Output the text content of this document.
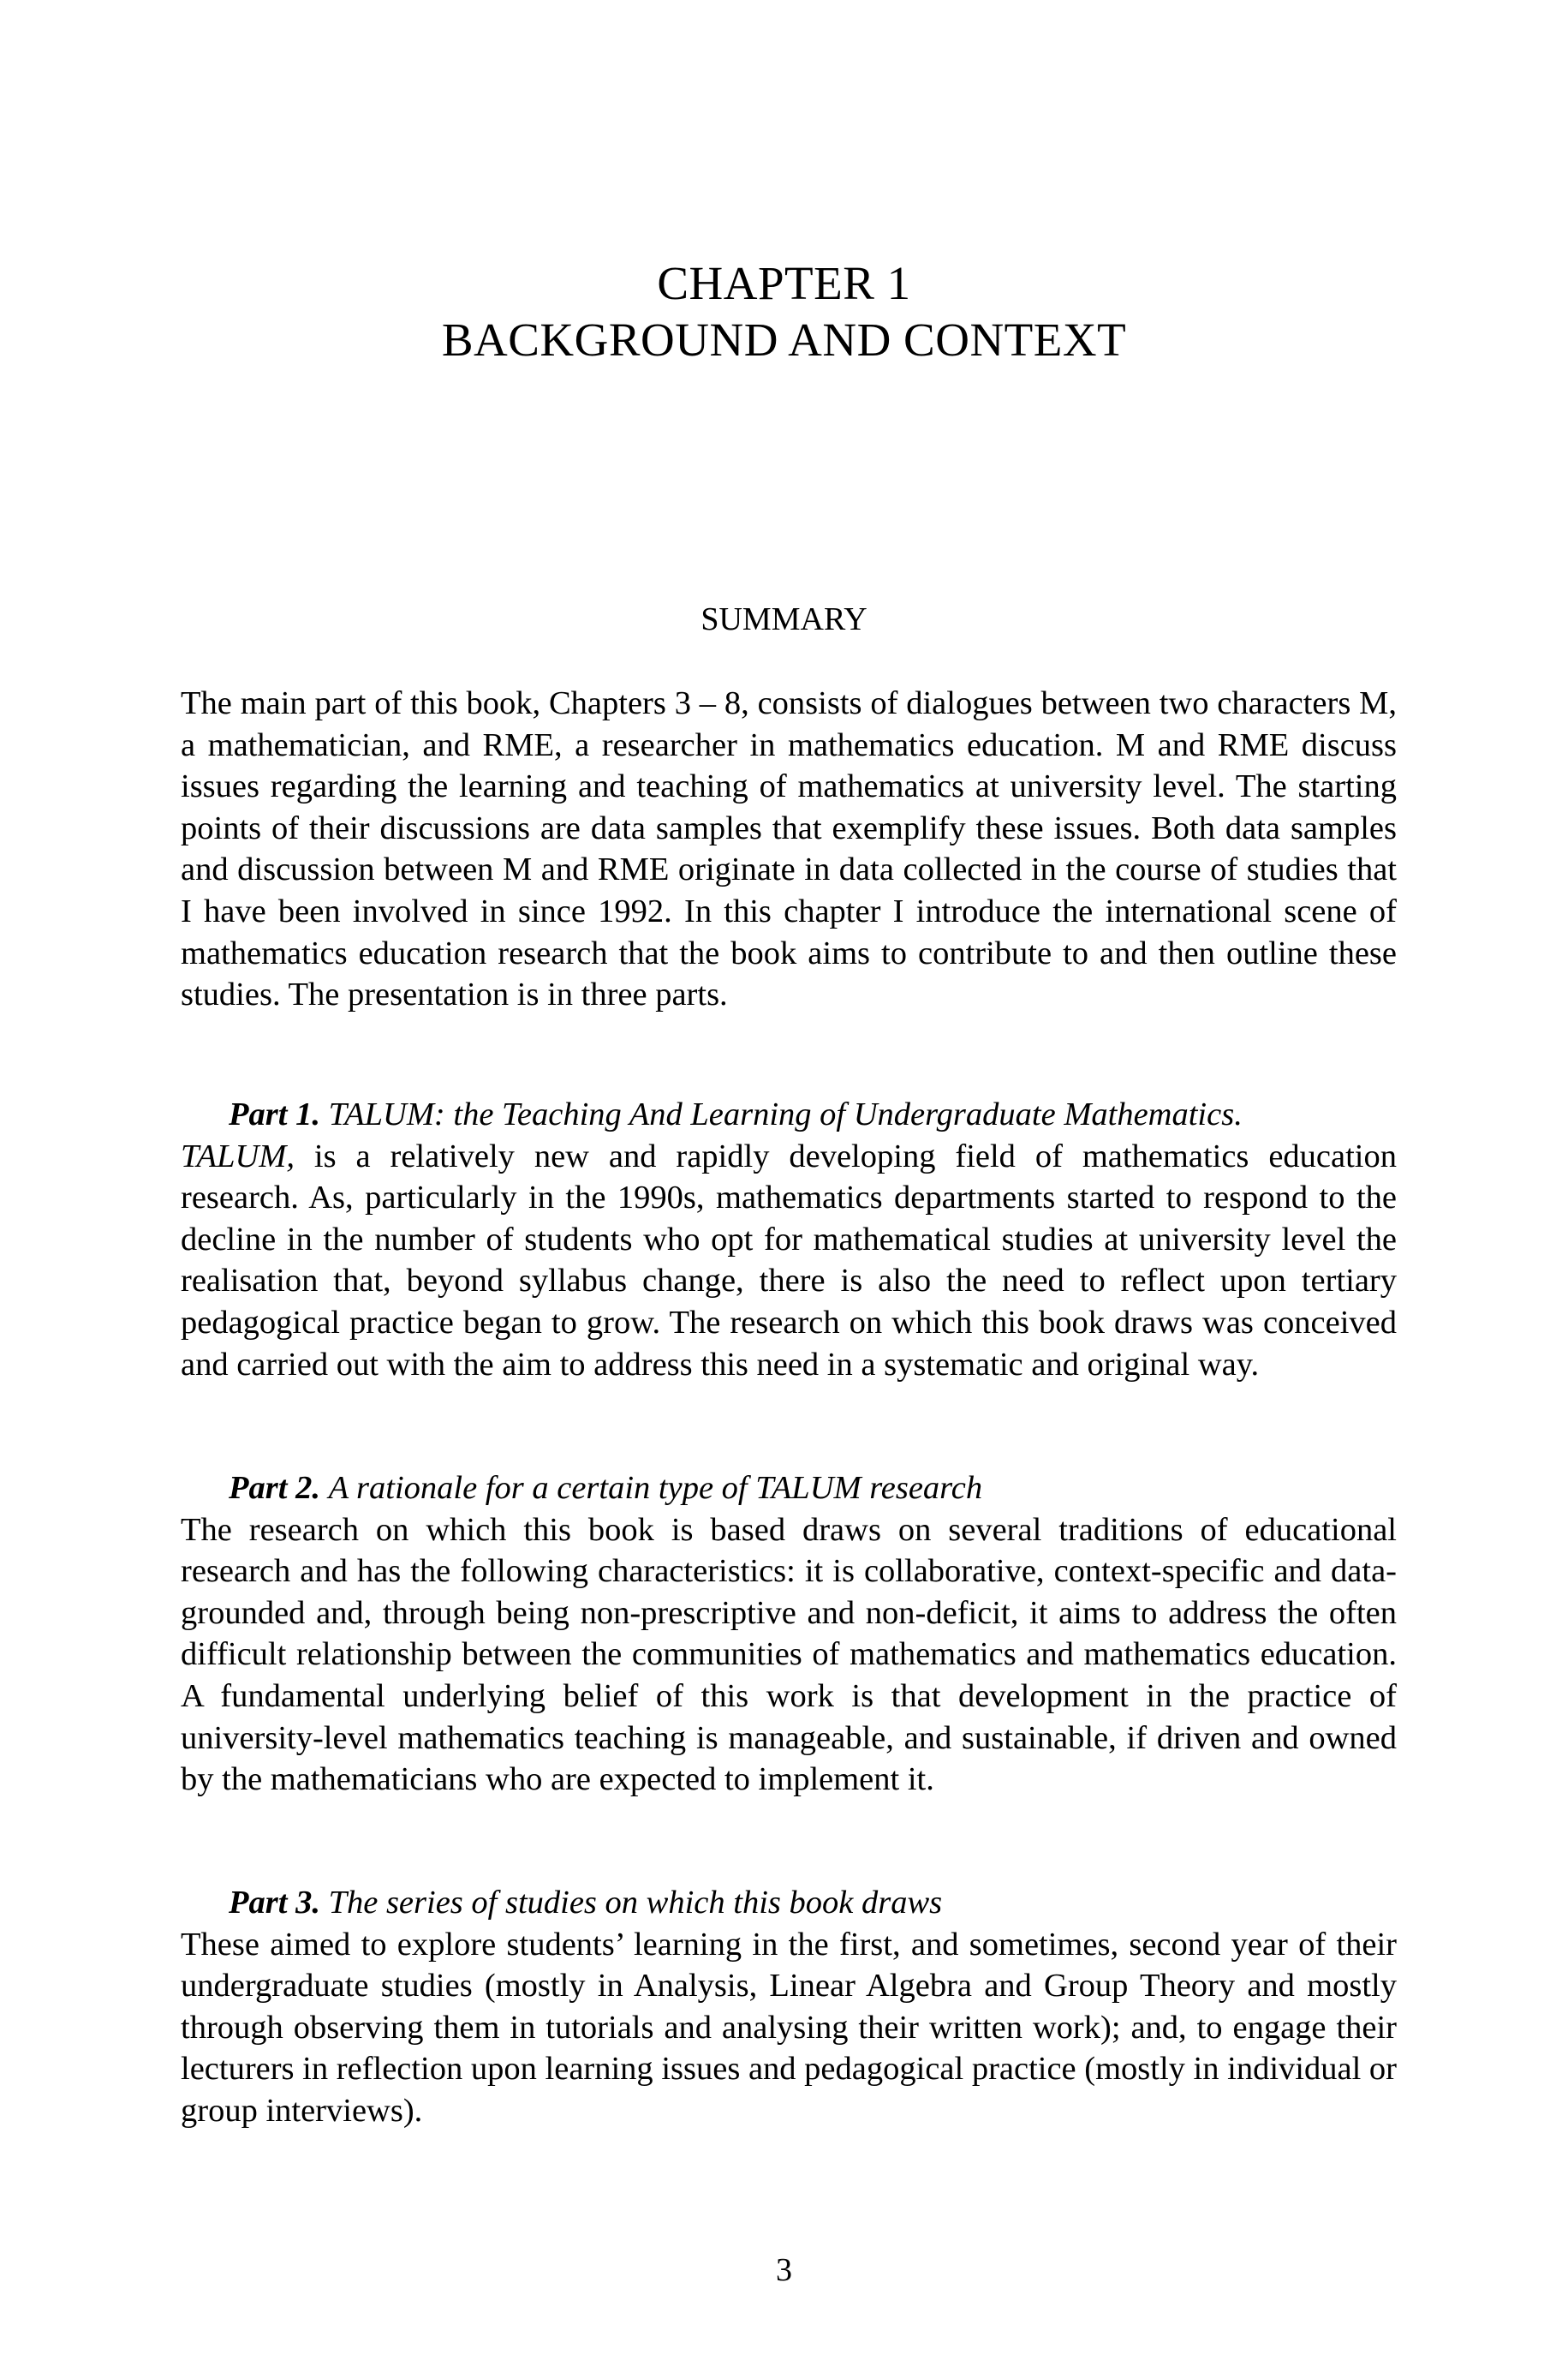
CHAPTER 1
BACKGROUND AND CONTEXT
SUMMARY

The main part of this book, Chapters 3 – 8, consists of dialogues between two characters M, a mathematician, and RME, a researcher in mathematics education. M and RME discuss issues regarding the learning and teaching of mathematics at university level. The starting points of their discussions are data samples that exemplify these issues. Both data samples and discussion between M and RME originate in data collected in the course of studies that I have been involved in since 1992. In this chapter I introduce the international scene of mathematics education research that the book aims to contribute to and then outline these studies. The presentation is in three parts.

Part 1. TALUM: the Teaching And Learning of Undergraduate Mathematics.

TALUM, is a relatively new and rapidly developing field of mathematics education research. As, particularly in the 1990s, mathematics departments started to respond to the decline in the number of students who opt for mathematical studies at university level the realisation that, beyond syllabus change, there is also the need to reflect upon tertiary pedagogical practice began to grow. The research on which this book draws was conceived and carried out with the aim to address this need in a systematic and original way.

Part 2. A rationale for a certain type of TALUM research

The research on which this book is based draws on several traditions of educational research and has the following characteristics: it is collaborative, context-specific and data-grounded and, through being non-prescriptive and non-deficit, it aims to address the often difficult relationship between the communities of mathematics and mathematics education. A fundamental underlying belief of this work is that development in the practice of university-level mathematics teaching is manageable, and sustainable, if driven and owned by the mathematicians who are expected to implement it.

Part 3. The series of studies on which this book draws

These aimed to explore students’ learning in the first, and sometimes, second year of their undergraduate studies (mostly in Analysis, Linear Algebra and Group Theory and mostly through observing them in tutorials and analysing their written work); and, to engage their lecturers in reflection upon learning issues and pedagogical practice (mostly in individual or group interviews).

3
